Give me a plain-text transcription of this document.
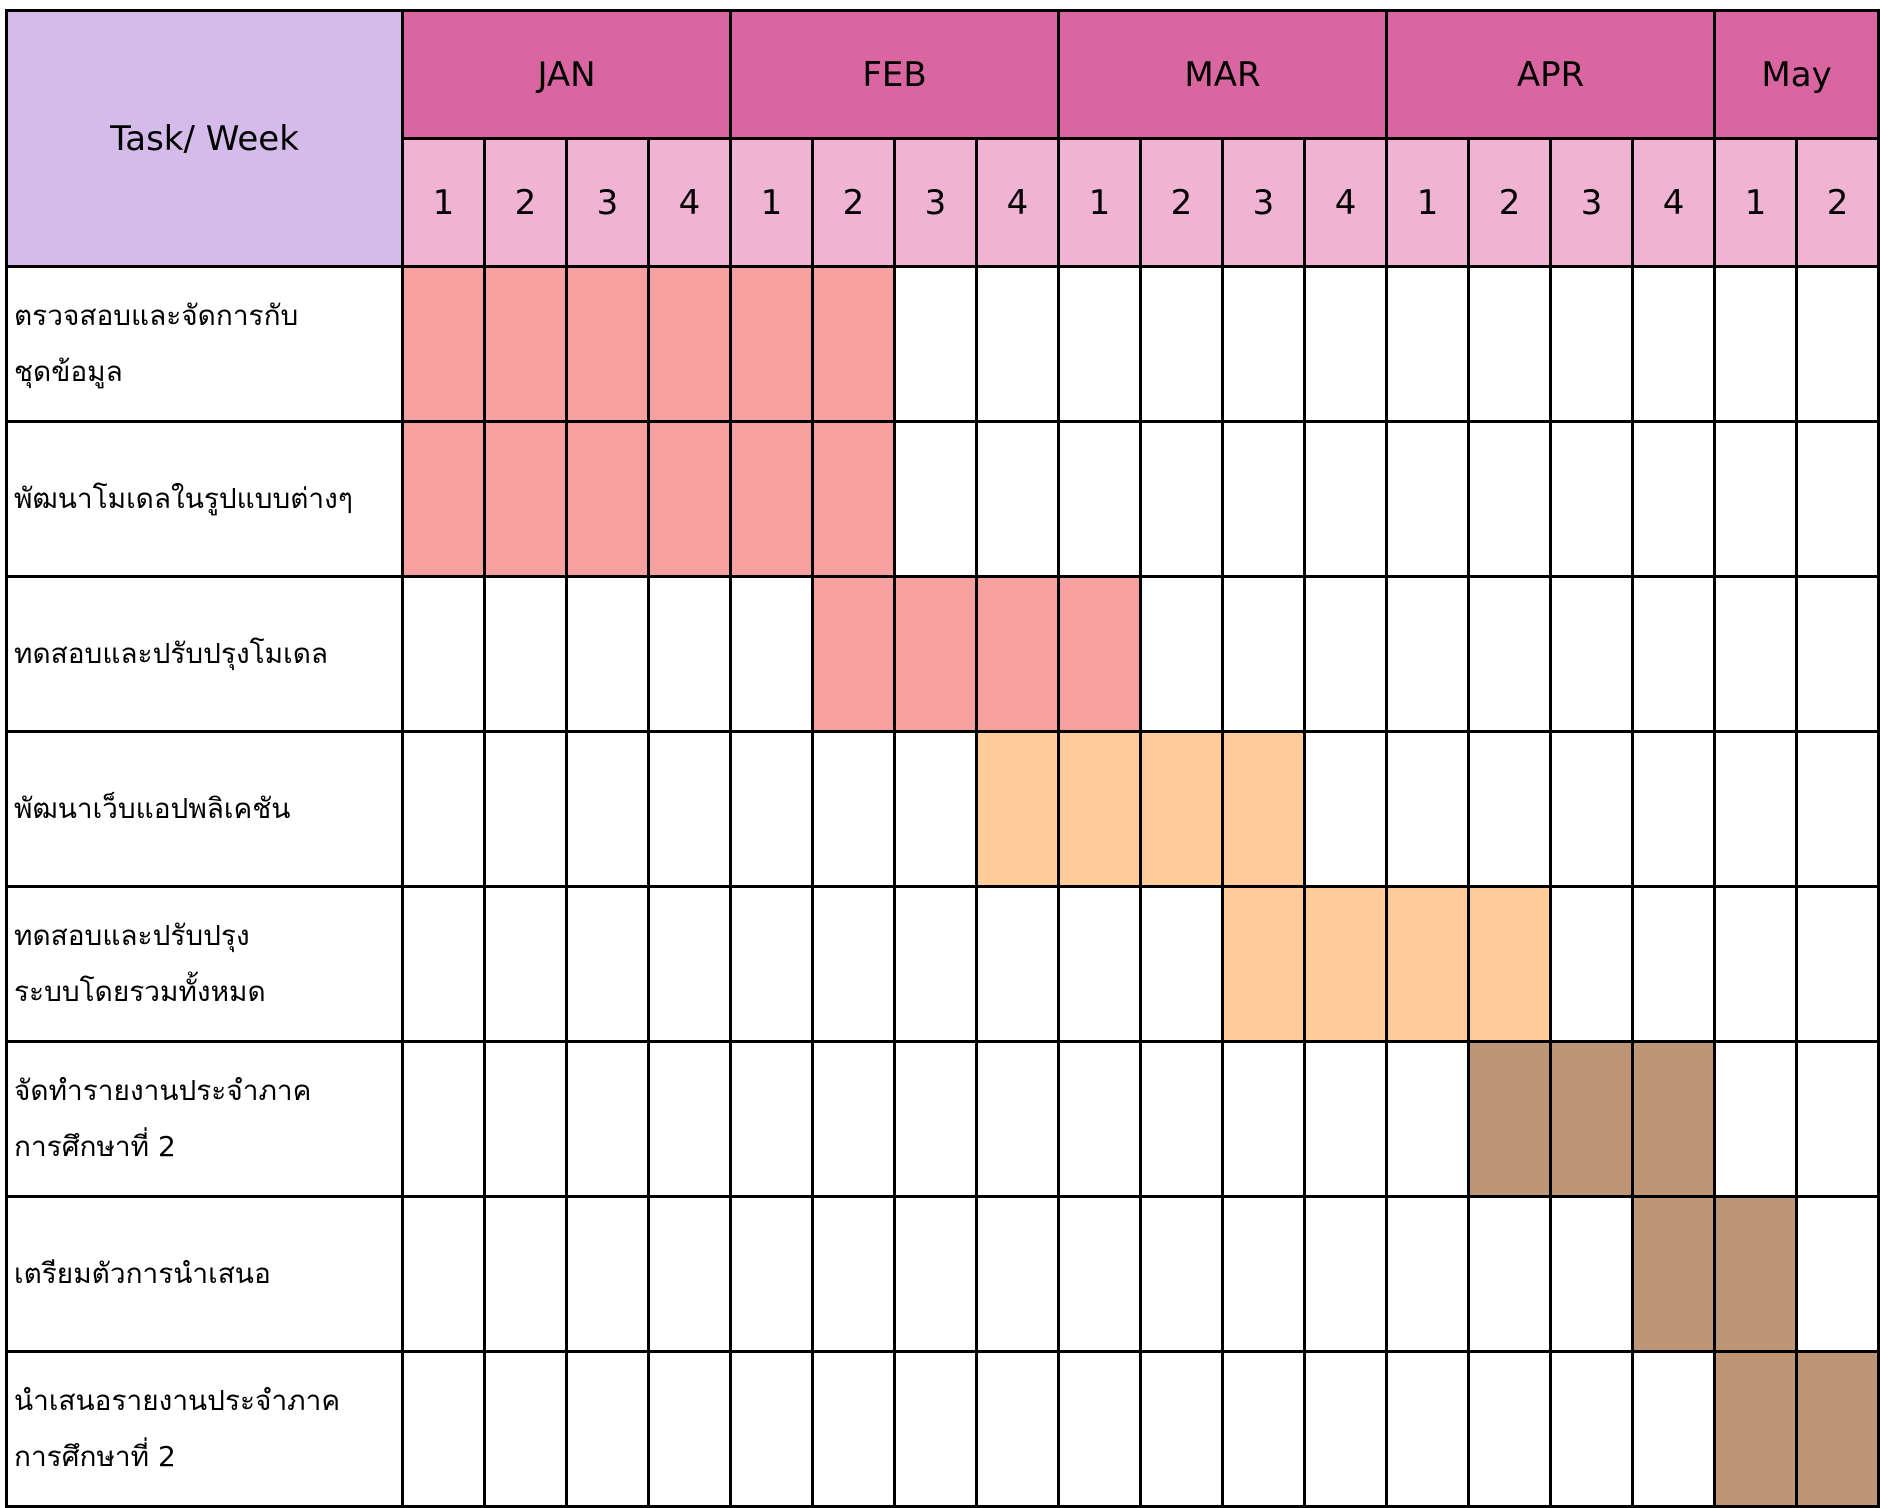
Task/ Week	JAN				FEB				MAR				APR				May	
	1	2	3	4	1	2	3	4	1	2	3	4	1	2	3	4	1	2

ตรวจสอบและจัดการกับ
ชุดข้อมูล																		

พัฒนาโมเดลในรูปแบบต่างๆ																		

ทดสอบและปรับปรุงโมเดล																		

พัฒนาเว็บแอปพลิเคชัน																		

ทดสอบและปรับปรุง
ระบบโดยรวมทั้งหมด																		

จัดทำรายงานประจำภาค
การศึกษาที่ 2																		

เตรียมตัวการนำเสนอ																		

นำเสนอรายงานประจำภาค
การศึกษาที่ 2																		
